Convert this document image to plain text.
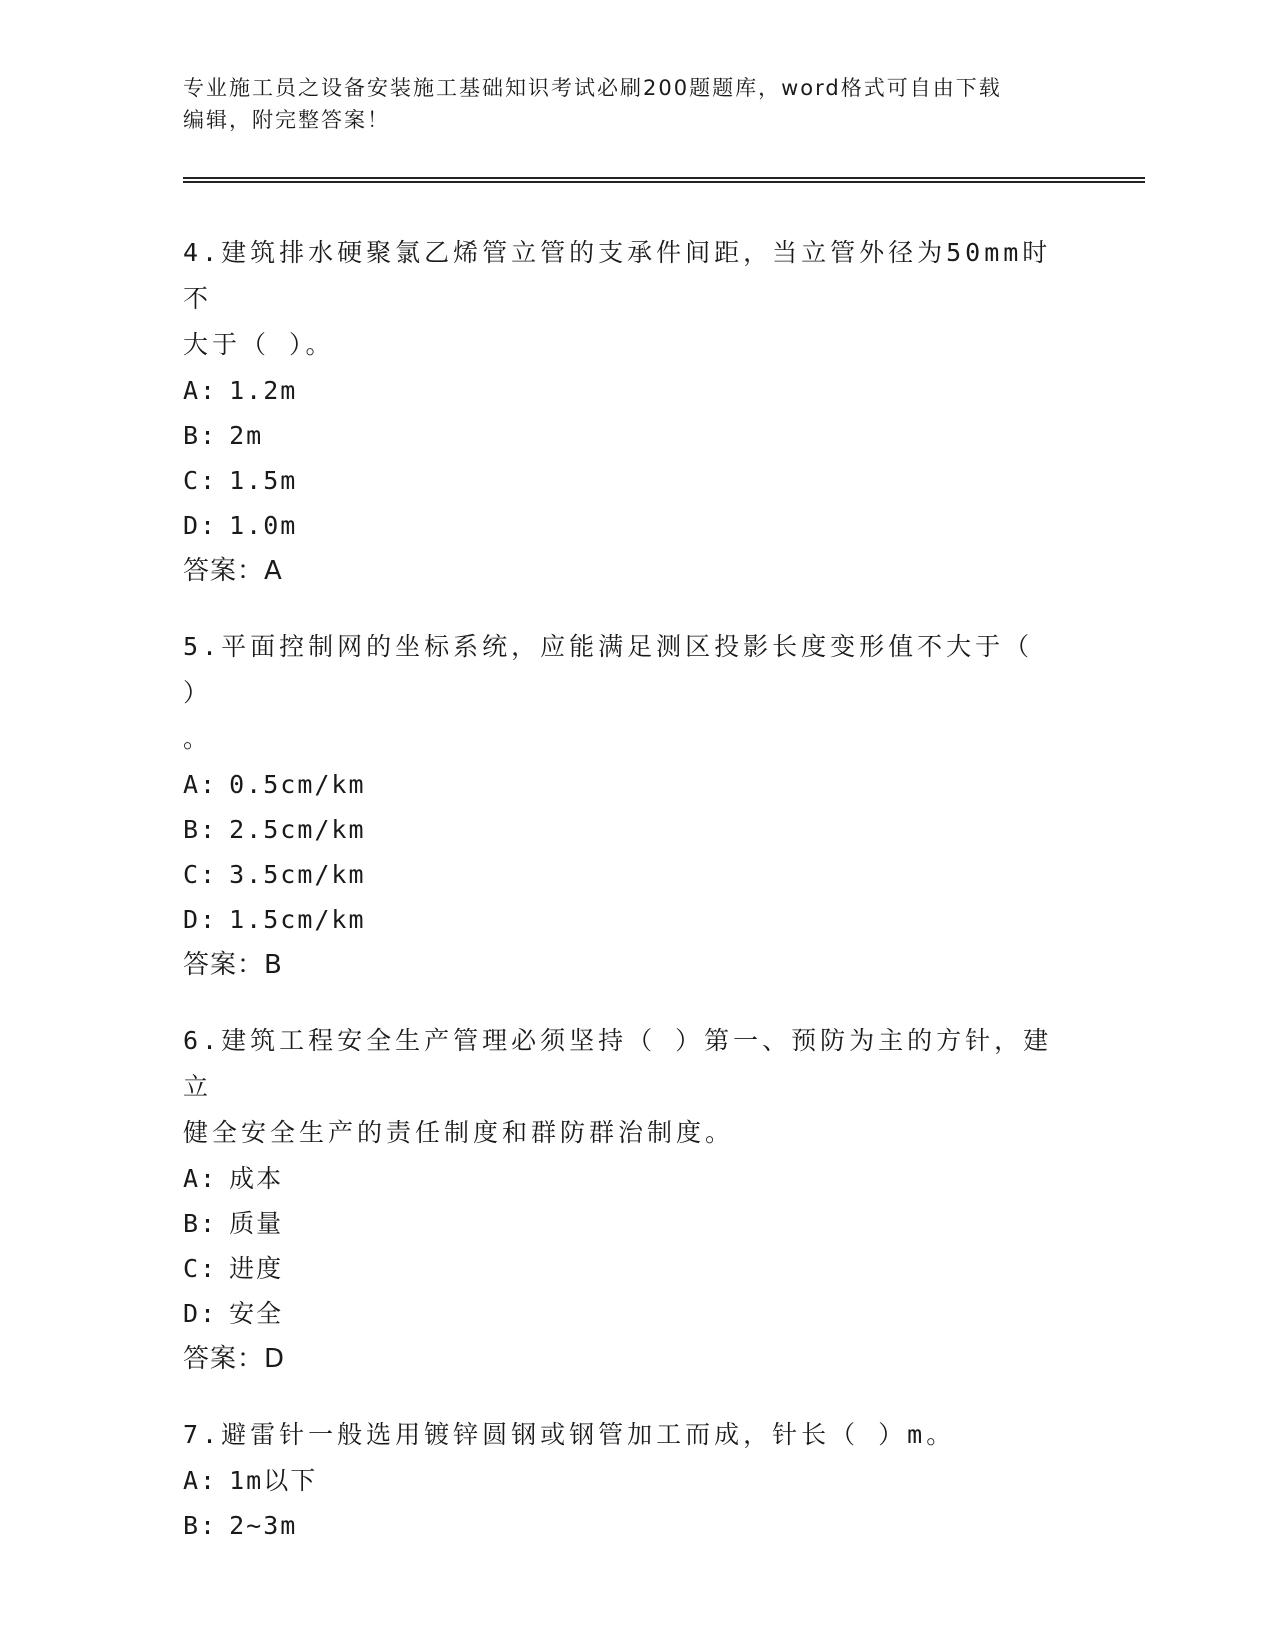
专业施工员之设备安装施工基础知识考试必刷200题题库，word格式可自由下载
编辑，附完整答案！
4.建筑排水硬聚氯乙烯管立管的支承件间距，当立管外径为50mm时不
大于（ ）。
A: 1.2m
B: 2m
C: 1.5m
D: 1.0m
答案：A
5.平面控制网的坐标系统，应能满足测区投影长度变形值不大于（ ）
。
A: 0.5cm/km
B: 2.5cm/km
C: 3.5cm/km
D: 1.5cm/km
答案：B
6.建筑工程安全生产管理必须坚持（ ）第一、预防为主的方针，建立
健全安全生产的责任制度和群防群治制度。
A: 成本
B: 质量
C: 进度
D: 安全
答案：D
7.避雷针一般选用镀锌圆钢或钢管加工而成，针长（ ）m。
A: 1m以下
B: 2~3m
